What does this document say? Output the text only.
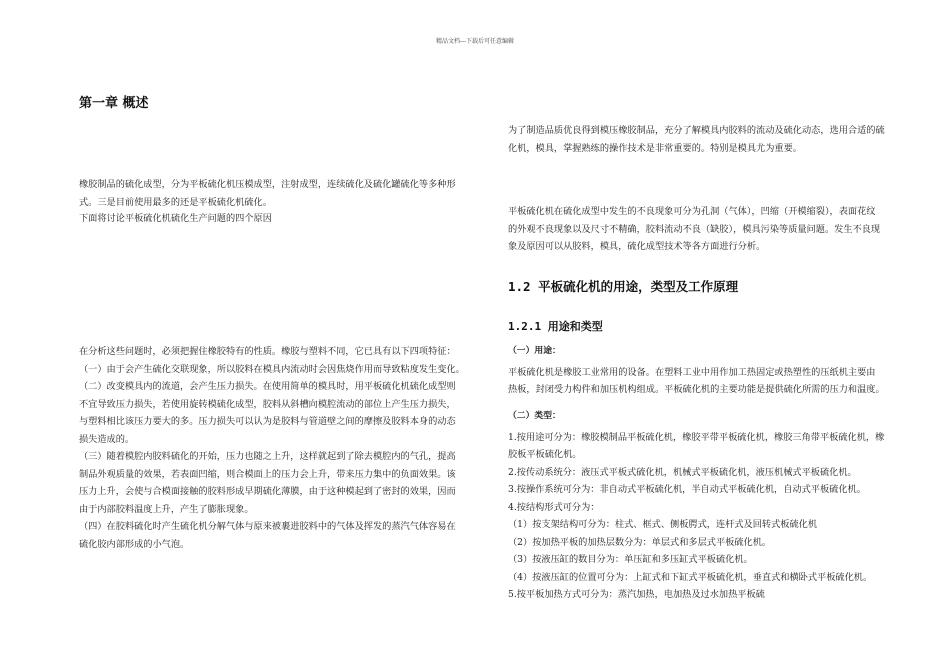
精品文档---下载后可任意编辑
第一章 概述

橡胶制品的硫化成型，分为平板硫化机压模成型，注射成型，连续硫化及硫化罐硫化等多种形

式。三是目前使用最多的还是平板硫化机硫化。

下面将讨论平板硫化机硫化生产问题的四个原因

在分析这些问题时，必须把握住橡胶特有的性质。橡胶与塑料不同，它已具有以下四项特征：

（一）由于会产生硫化交联现象，所以胶料在模具内流动时会因焦烧作用而导致粘度发生变化。

（二）改变模具内的流道，会产生压力损失。在使用简单的模具时，用平板硫化机硫化成型则

不宜导致压力损失，若使用旋转模硫化成型，胶料从斜槽向模腔流动的部位上产生压力损失，

与塑料相比该压力要大的多。压力损失可以认为是胶料与管道壁之间的摩擦及胶料本身的动态

损失造成的。

（三）随着模腔内胶料硫化的开始，压力也随之上升，这样就起到了除去模腔内的气孔，提高

制品外观质量的效果，若表面凹缩，则合模面上的压力会上升，带来压力集中的负面效果。该

压力上升，会使与合模面接触的胶料形成早期硫化薄膜，由于这种模起到了密封的效果，因而

由于内部胶料温度上升，产生了膨胀现象。

（四）在胶料硫化时产生硫化机分解气体与原来被裹进胶料中的气体及挥发的蒸汽气体容易在

硫化胶内部形成的小气泡。

为了制造品质优良得到模压橡胶制品，充分了解模具内胶料的流动及硫化动态，选用合适的硫

化机，模具，掌握熟练的操作技术是非常重要的。特别是模具尤为重要。

平板硫化机在硫化成型中发生的不良现象可分为孔洞（气体），凹缩（开模缩裂），表面花纹

的外观不良现象以及尺寸不精确，胶料流动不良（缺胶），模具污染等质量问题。发生不良现

象及原因可以从胶料，模具，硫化成型技术等各方面进行分析。

1.2 平板硫化机的用途，类型及工作原理
1.2.1 用途和类型

（一）用途：

平板硫化机是橡胶工业常用的设备。在塑料工业中用作加工热固定或热塑性的压纸机主要由

热板，封闭受力构件和加压机构组成。平板硫化机的主要功能是提供硫化所需的压力和温度。

（二）类型：

1.按用途可分为：橡胶模制品平板硫化机，橡胶平带平板硫化机，橡胶三角带平板硫化机，橡

胶板平板硫化机。

2.按传动系统分：液压式平板式硫化机，机械式平板硫化机，液压机械式平板硫化机。

3.按操作系统可分为：非自动式平板硫化机，半自动式平板硫化机，自动式平板硫化机。

4.按结构形式可分为：

（1）按支架结构可分为：柱式、框式、侧板腭式，连杆式及回转式板硫化机

（2）按加热平板的加热层数分为：单层式和多层式平板硫化机。

（3）按液压缸的数目分为：单压缸和多压缸式平板硫化机。

（4）按液压缸的位置可分为：上缸式和下缸式平板硫化机，垂直式和横卧式平板硫化机。

5.按平板加热方式可分为：蒸汽加热，电加热及过水加热平板硫
